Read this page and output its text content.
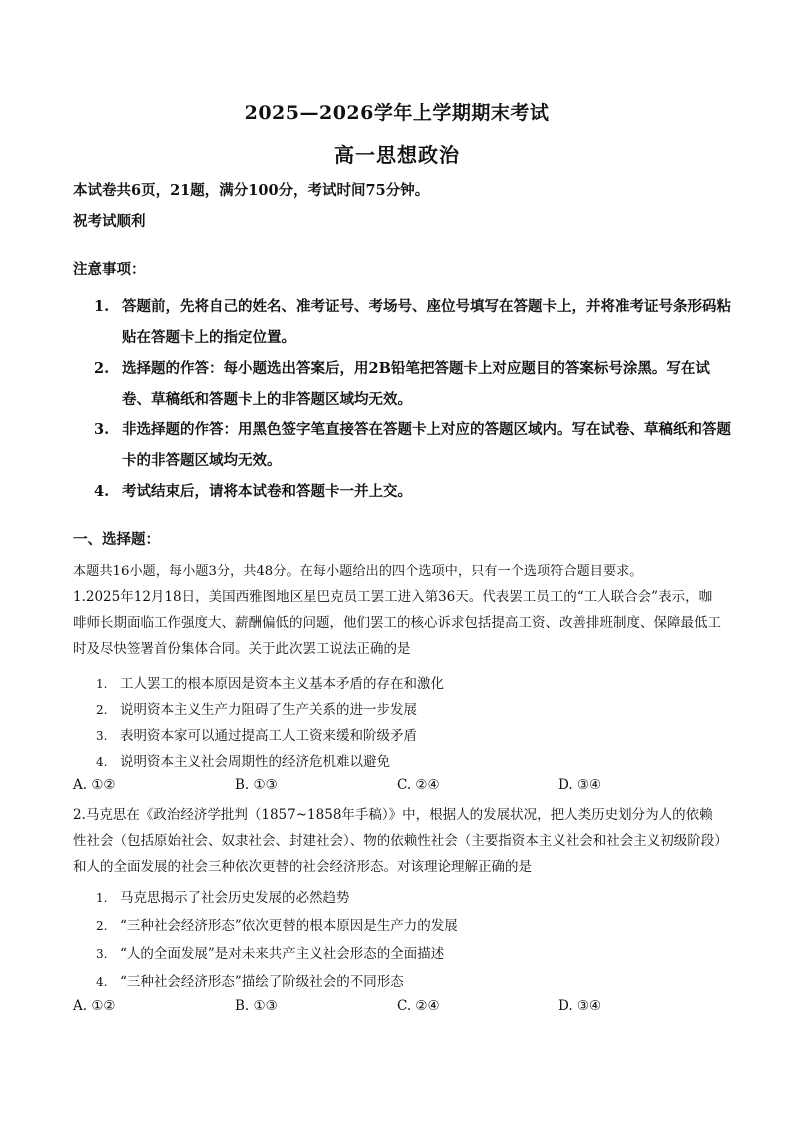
2025—2026学年上学期期末考试
高一思想政治
本试卷共6页，21题，满分100分，考试时间75分钟。
祝考试顺利
注意事项：
1. 答题前，先将自己的姓名、准考证号、考场号、座位号填写在答题卡上，并将准考证号条形码粘贴在答题卡上的指定位置。
2. 选择题的作答：每小题选出答案后，用2B铅笔把答题卡上对应题目的答案标号涂黑。写在试卷、草稿纸和答题卡上的非答题区域均无效。
3. 非选择题的作答：用黑色签字笔直接答在答题卡上对应的答题区域内。写在试卷、草稿纸和答题卡的非答题区域均无效。
4. 考试结束后，请将本试卷和答题卡一并上交。
一、选择题：
本题共16小题，每小题3分，共48分。在每小题给出的四个选项中，只有一个选项符合题目要求。
1.2025年12月18日，美国西雅图地区星巴克员工罢工进入第36天。代表罢工员工的“工人联合会”表示，咖啡师长期面临工作强度大、薪酬偏低的问题，他们罢工的核心诉求包括提高工资、改善排班制度、保障最低工时及尽快签署首份集体合同。关于此次罢工说法正确的是
1. 工人罢工的根本原因是资本主义基本矛盾的存在和激化
2. 说明资本主义生产力阻碍了生产关系的进一步发展
3. 表明资本家可以通过提高工人工资来缓和阶级矛盾
4. 说明资本主义社会周期性的经济危机难以避免
A. ①②	B. ①③	C. ②④	D. ③④
2.马克思在《政治经济学批判（1857~1858年手稿）》中，根据人的发展状况，把人类历史划分为人的依赖性社会（包括原始社会、奴隶社会、封建社会）、物的依赖性社会（主要指资本主义社会和社会主义初级阶段）和人的全面发展的社会三种依次更替的社会经济形态。对该理论理解正确的是
1. 马克思揭示了社会历史发展的必然趋势
2. “三种社会经济形态”依次更替的根本原因是生产力的发展
3. “人的全面发展”是对未来共产主义社会形态的全面描述
4. “三种社会经济形态”描绘了阶级社会的不同形态
A. ①②	B. ①③	C. ②④	D. ③④
